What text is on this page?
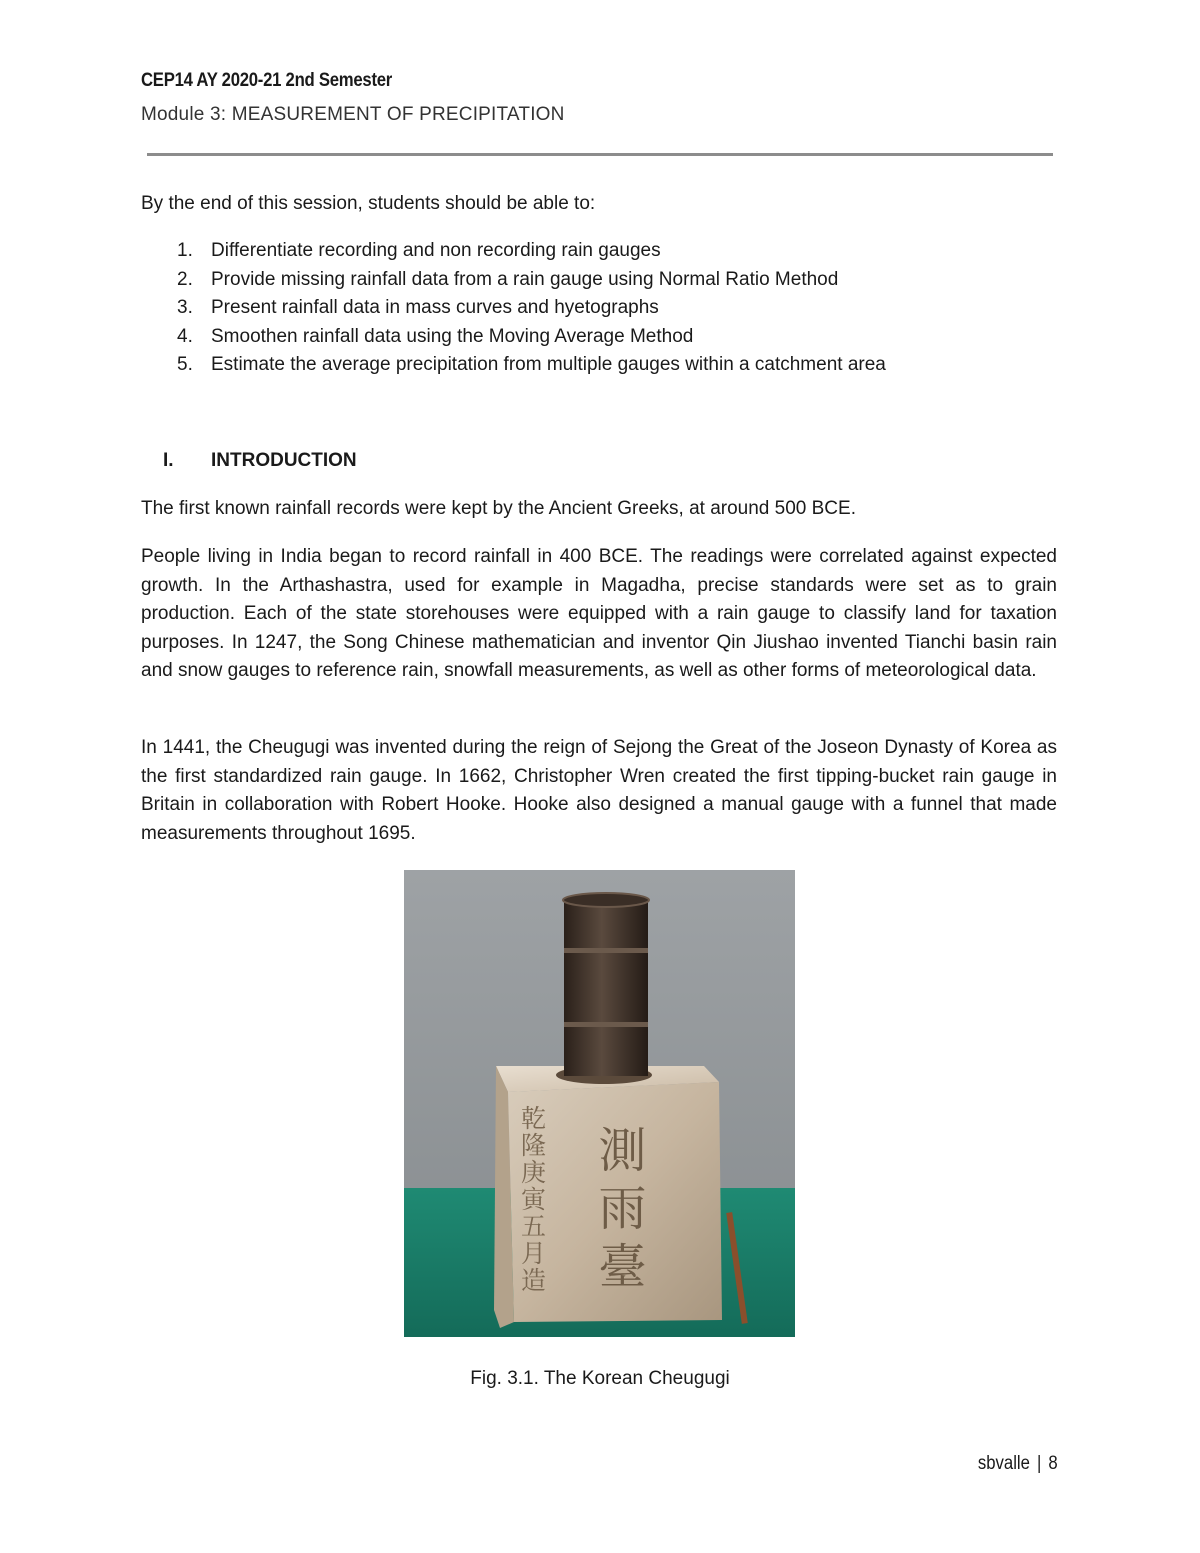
CEP14 AY 2020-21 2nd Semester
Module 3: MEASUREMENT OF PRECIPITATION
By the end of this session, students should be able to:
1. Differentiate recording and non recording rain gauges
2. Provide missing rainfall data from a rain gauge using Normal Ratio Method
3. Present rainfall data in mass curves and hyetographs
4. Smoothen rainfall data using the Moving Average Method
5. Estimate the average precipitation from multiple gauges within a catchment area
I. INTRODUCTION

The first known rainfall records were kept by the Ancient Greeks, at around 500 BCE.

People living in India began to record rainfall in 400 BCE. The readings were correlated against expected growth. In the Arthashastra, used for example in Magadha, precise standards were set as to grain production. Each of the state storehouses were equipped with a rain gauge to classify land for taxation purposes. In 1247, the Song Chinese mathematician and inventor Qin Jiushao invented Tianchi basin rain and snow gauges to reference rain, snowfall measurements, as well as other forms of meteorological data.

In 1441, the Cheugugi was invented during the reign of Sejong the Great of the Joseon Dynasty of Korea as the first standardized rain gauge. In 1662, Christopher Wren created the first tipping-bucket rain gauge in Britain in collaboration with Robert Hooke. Hooke also designed a manual gauge with a funnel that made measurements throughout 1695.

測雨臺
乾隆庚寅五月造
Fig. 3.1. The Korean Cheugugi
sbvalle | 8
